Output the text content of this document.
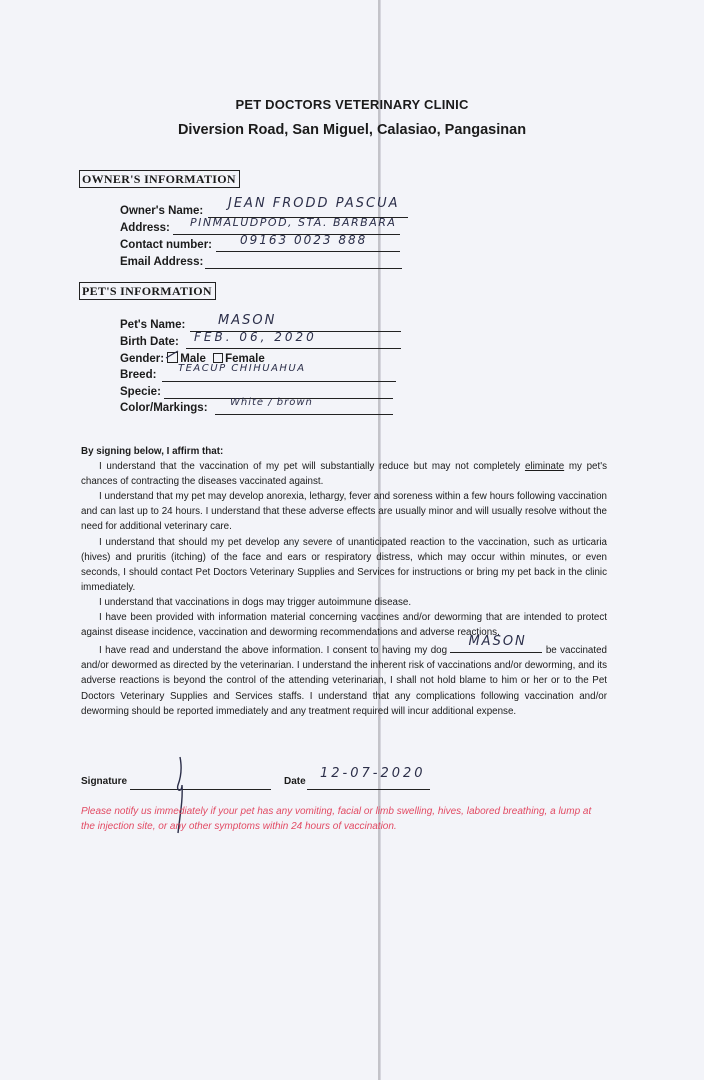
PET DOCTORS VETERINARY CLINIC
Diversion Road, San Miguel, Calasiao, Pangasinan
OWNER'S INFORMATION
Owner's Name: JEAN FRODD PASCUA
Address: PINMALUDPOD, STA. BARBARA
Contact number: 09163 0023 888
Email Address:
PET'S INFORMATION
Pet's Name:	MASON
Birth Date: FEB. 06, 2020
Gender: Male Female
Breed:
TEACUP CHIHUAHUA
Specie:
Color/Markings: White / brown

By signing below, I affirm that:

I understand that the vaccination of my pet will substantially reduce but may not completely eliminate my pet's chances of contracting the diseases vaccinated against.

I understand that my pet may develop anorexia, lethargy, fever and soreness within a few hours following vaccination and can last up to 24 hours. I understand that these adverse effects are usually minor and will usually resolve without the need for additional veterinary care.

I understand that should my pet develop any severe of unanticipated reaction to the vaccination, such as urticaria (hives) and pruritis (itching) of the face and ears or respiratory distress, which may occur within minutes, or even seconds, I should contact Pet Doctors Veterinary Supplies and Services for instructions or bring my pet back in the clinic immediately.

I understand that vaccinations in dogs may trigger autoimmune disease.

I have been provided with information material concerning vaccines and/or deworming that are intended to protect against disease incidence, vaccination and deworming recommendations and adverse reactions.

I have read and understand the above information. I consent to having my dog
MASON
be vaccinated and/or dewormed as directed by the veterinarian. I understand the inherent risk of vaccinations and/or deworming, and its adverse reactions is beyond the control of the attending veterinarian, I shall not hold blame to him or her or to the Pet Doctors Veterinary Supplies and Services staffs. I understand that any complications following vaccination and/or deworming should be reported immediately and any treatment required will incur additional expense.

Signature	Date
12-07-2020
Please notify us immediately if your pet has any vomiting, facial or limb swelling, hives, labored breathing, a lump at the injection site, or any other symptoms within 24 hours of vaccination.
